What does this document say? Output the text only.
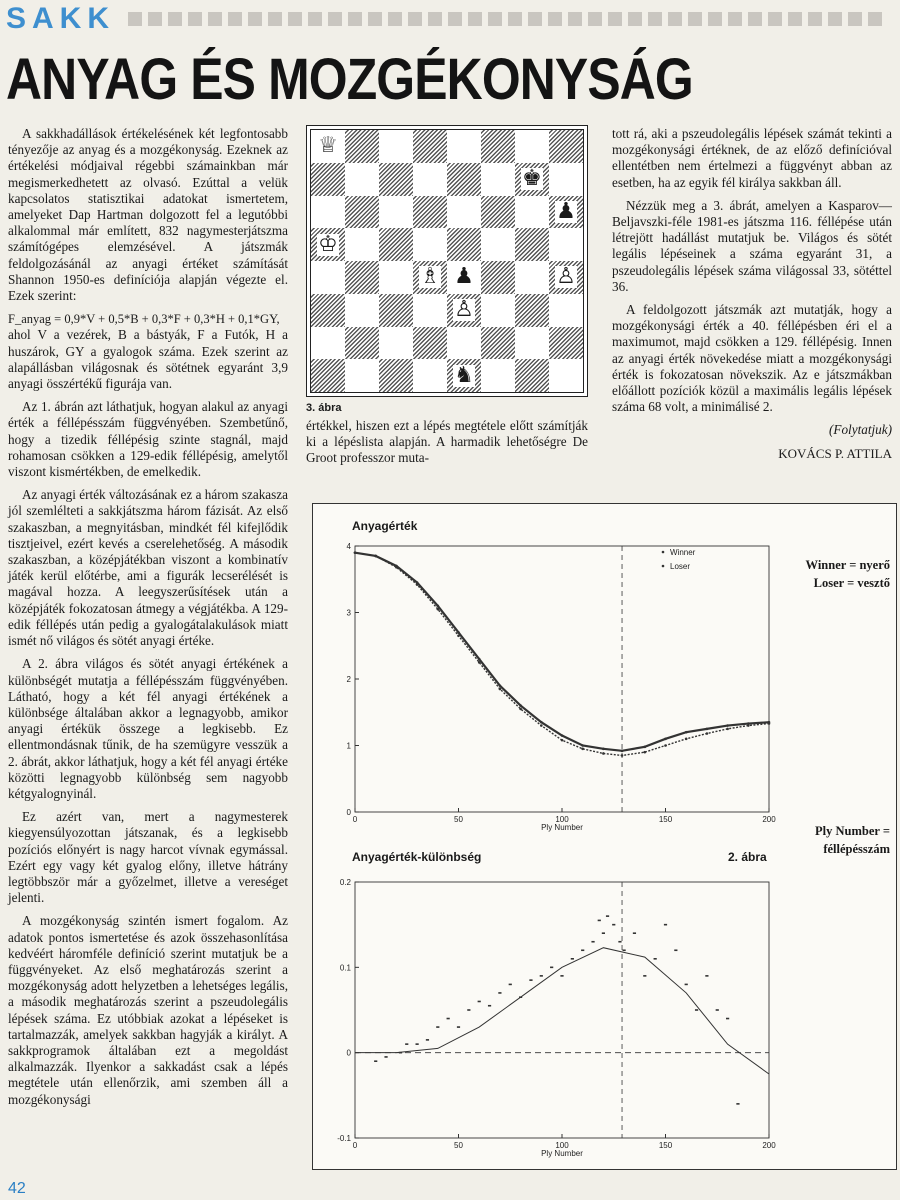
SAKK
ANYAG ÉS MOZGÉKONYSÁG

A sakkhadállások értékelésének két legfontosabb tényezője az anyag és a mozgékonyság. Ezeknek az értékelési módjaival régebbi számainkban már megismerkedhetett az olvasó. Ezúttal a velük kapcsolatos statisztikai adatokat ismertetem, amelyeket Dap Hartman dolgozott fel a legutóbbi alkalommal már említett, 832 nagymesterjátszma számítógépes elemzésével. A játszmák feldolgozásánál az anyagi értéket számítását Shannon 1950-es definíciója alapján végezte el. Ezek szerint:

F_anyag = 0,9*V + 0,5*B + 0,3*F + 0,3*H + 0,1*GY,

ahol V a vezérek, B a bástyák, F a Futók, H a huszárok, GY a gyalogok száma. Ezek szerint az alapállásban világosnak és sötétnek egyaránt 3,9 anyagi összértékű figurája van.

Az 1. ábrán azt láthatjuk, hogyan alakul az anyagi érték a féllépésszám függvényében. Szembetűnő, hogy a tizedik féllépésig szinte stagnál, majd rohamosan csökken a 129-edik féllépésig, amelytől viszont kismértékben, de emelkedik.

Az anyagi érték változásának ez a három szakasza jól szemlélteti a sakkjátszma három fázisát. Az első szakaszban, a megnyitásban, mindkét fél kifejlődik tisztjeivel, ezért kevés a cserelehetőség. A második szakaszban, a középjátékban viszont a kombinatív játék kerül előtérbe, ami a figurák lecserélését is magával hozza. A leegyszerűsítések után a középjáték fokozatosan átmegy a végjátékba. A 129-edik féllépés után pedig a gyalogátalakulások miatt ismét nő világos és sötét anyagi értéke.

A 2. ábra világos és sötét anyagi értékének a különbségét mutatja a féllépésszám függvényében. Látható, hogy a két fél anyagi értékének a különbsége általában akkor a legnagyobb, amikor anyagi értékük összege a legkisebb. Ez ellentmondásnak tűnik, de ha szemügyre vesszük a 2. ábrát, akkor láthatjuk, hogy a két fél anyagi értéke közötti legnagyobb különbség sem nagyobb kétgyalognyinál.

Ez azért van, mert a nagymesterek kiegyensúlyozottan játszanak, és a legkisebb pozíciós előnyért is nagy harcot vívnak egymással. Ezért egy vagy két gyalog előny, illetve hátrány legtöbbször már a győzelmet, illetve a vereséget jelenti.

A mozgékonyság szintén ismert fogalom. Az adatok pontos ismertetése és azok összehasonlítása kedvéért háromféle definíció szerint mutatjuk be a függvényeket. Az első meghatározás szerint a mozgékonyság adott helyzetben a lehetséges legális, a második meghatározás szerint a pszeudolegális lépések száma. Ez utóbbiak azokat a lépéseket is tartalmazzák, amelyek sakkban hagyják a királyt. A sakkprogramok általában ezt a megoldást alkalmazzák. Ilyenkor a sakkadást csak a lépés megtétele után ellenőrzik, ami szemben áll a mozgékonysági

♕
♚
♟
♔
♗ ♟	♙
♙
♞
3. ábra

értékkel, hiszen ezt a lépés megtétele előtt számítják ki a lépéslista alapján. A harmadik lehetőségre De Groot professzor muta-

tott rá, aki a pszeudolegális lépések számát tekinti a mozgékonysági értéknek, de az előző definícióval ellentétben nem értelmezi a függvényt abban az esetben, ha az egyik fél királya sakkban áll.

Nézzük meg a 3. ábrát, amelyen a Kasparov—Beljavszki-féle 1981-es játszma 116. féllépése után létrejött hadállást mutatjuk be. Világos és sötét legális lépéseinek a száma egyaránt 31, a pszeudolegális lépések száma világossal 33, sötéttel 36.

A feldolgozott játszmák azt mutatják, hogy a mozgékonysági érték a 40. féllépésben éri el a maximumot, majd csökken a 129. féllépésig. Innen az anyagi érték növekedése miatt a mozgékonysági érték is fokozatosan növekszik. Az e játszmákban előállott pozíciók közül a maximális legális lépések száma 68 volt, a minimálisé 2.

(Folytatjuk)

KOVÁCS P. ATTILA

0	50	100	150	200
0
1
2
3
4
Ply Number
Winner
Loser
0	50	100	150	200
-0.1
0
0.1
0.2
Ply Number
Anyagérték
Anyagérték-különbség	2. ábra
Winner = nyerő
Loser = vesztő
Ply Number =
féllépésszám
42
